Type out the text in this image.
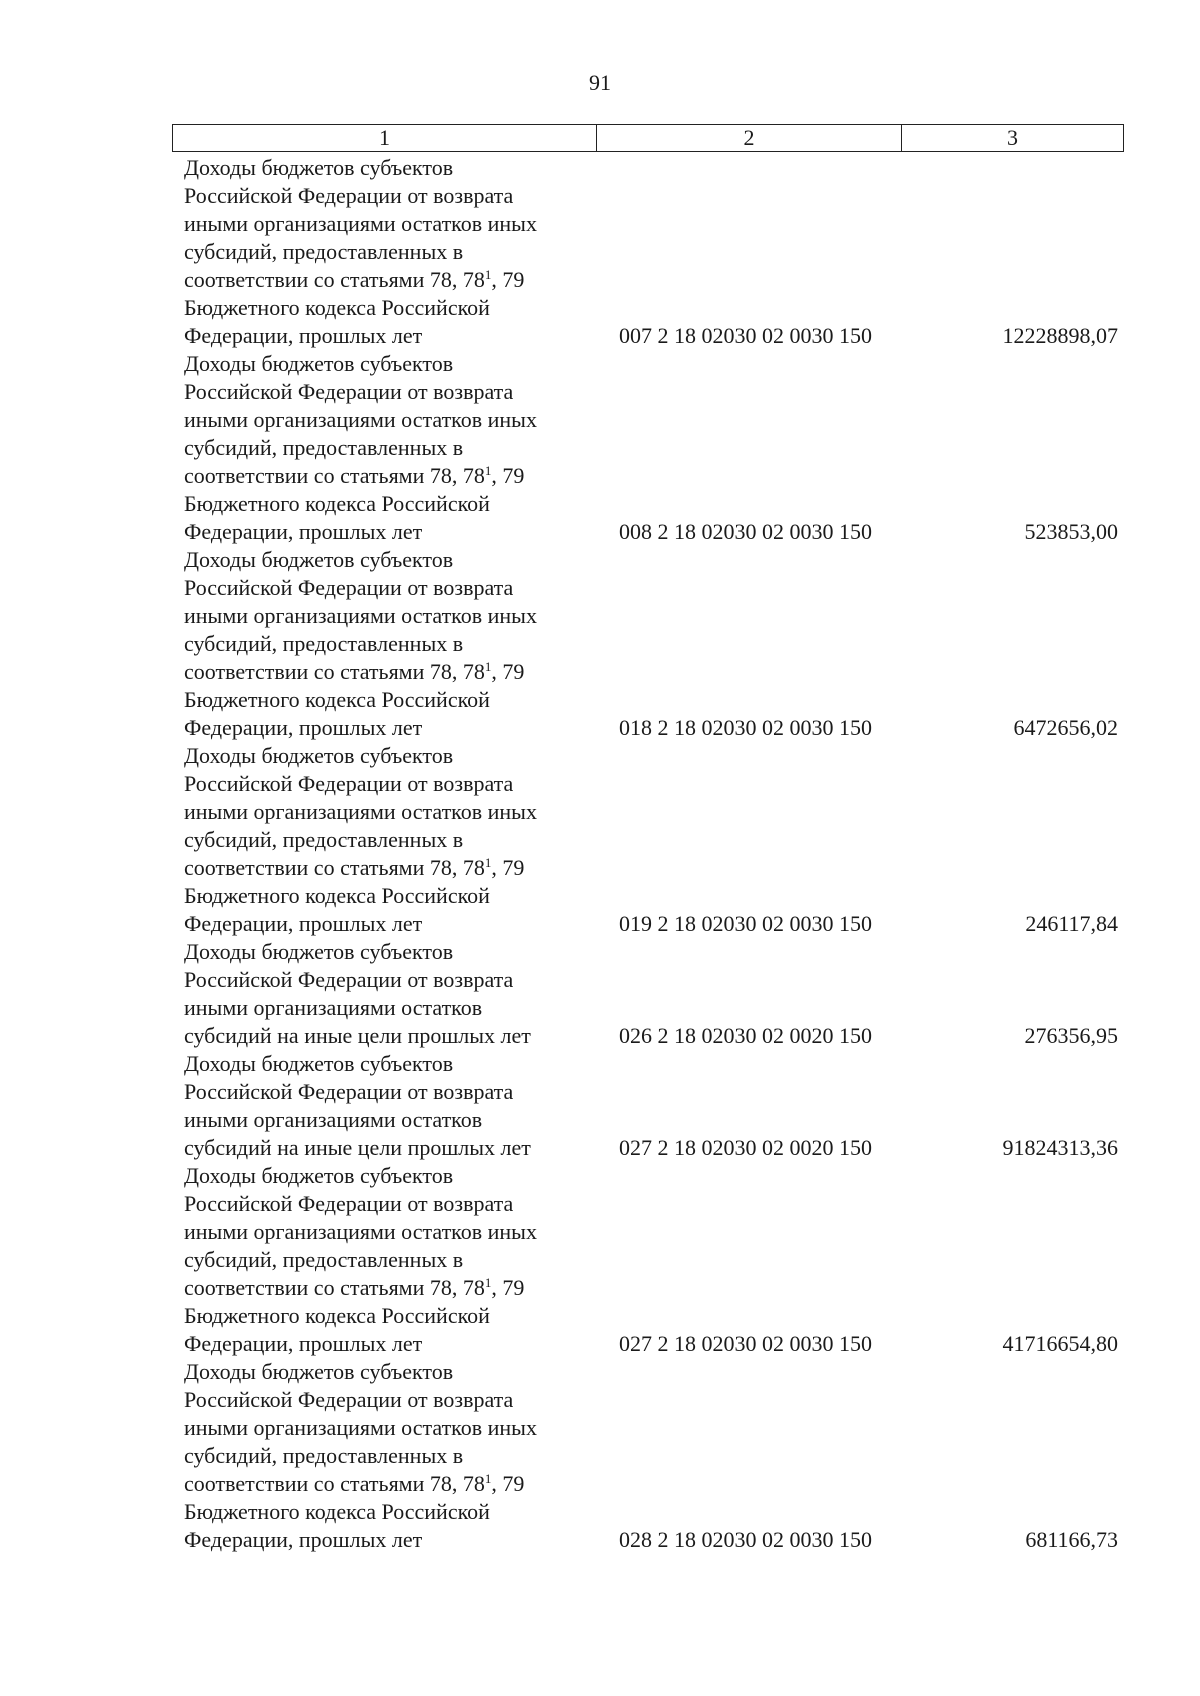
91
1	2	3
Доходы бюджетов субъектов
Российской Федерации от возврата
иными организациями остатков иных
субсидий, предоставленных в
соответствии со статьями 78, $78^1$, 79
Бюджетного кодекса Российской
Федерации, прошлых лет	007 2 18 02030 02 0030 150	12228898,07
Доходы бюджетов субъектов
Российской Федерации от возврата
иными организациями остатков иных
субсидий, предоставленных в
соответствии со статьями 78, $78^1$, 79
Бюджетного кодекса Российской
Федерации, прошлых лет	008 2 18 02030 02 0030 150	523853,00
Доходы бюджетов субъектов
Российской Федерации от возврата
иными организациями остатков иных
субсидий, предоставленных в
соответствии со статьями 78, $78^1$, 79
Бюджетного кодекса Российской
Федерации, прошлых лет	018 2 18 02030 02 0030 150	6472656,02
Доходы бюджетов субъектов
Российской Федерации от возврата
иными организациями остатков иных
субсидий, предоставленных в
соответствии со статьями 78, $78^1$, 79
Бюджетного кодекса Российской
Федерации, прошлых лет	019 2 18 02030 02 0030 150	246117,84
Доходы бюджетов субъектов
Российской Федерации от возврата
иными организациями остатков
субсидий на иные цели прошлых лет	026 2 18 02030 02 0020 150	276356,95
Доходы бюджетов субъектов
Российской Федерации от возврата
иными организациями остатков
субсидий на иные цели прошлых лет	027 2 18 02030 02 0020 150	91824313,36
Доходы бюджетов субъектов
Российской Федерации от возврата
иными организациями остатков иных
субсидий, предоставленных в
соответствии со статьями 78, $78^1$, 79
Бюджетного кодекса Российской
Федерации, прошлых лет	027 2 18 02030 02 0030 150	41716654,80
Доходы бюджетов субъектов
Российской Федерации от возврата
иными организациями остатков иных
субсидий, предоставленных в
соответствии со статьями 78, $78^1$, 79
Бюджетного кодекса Российской
Федерации, прошлых лет	028 2 18 02030 02 0030 150	681166,73
